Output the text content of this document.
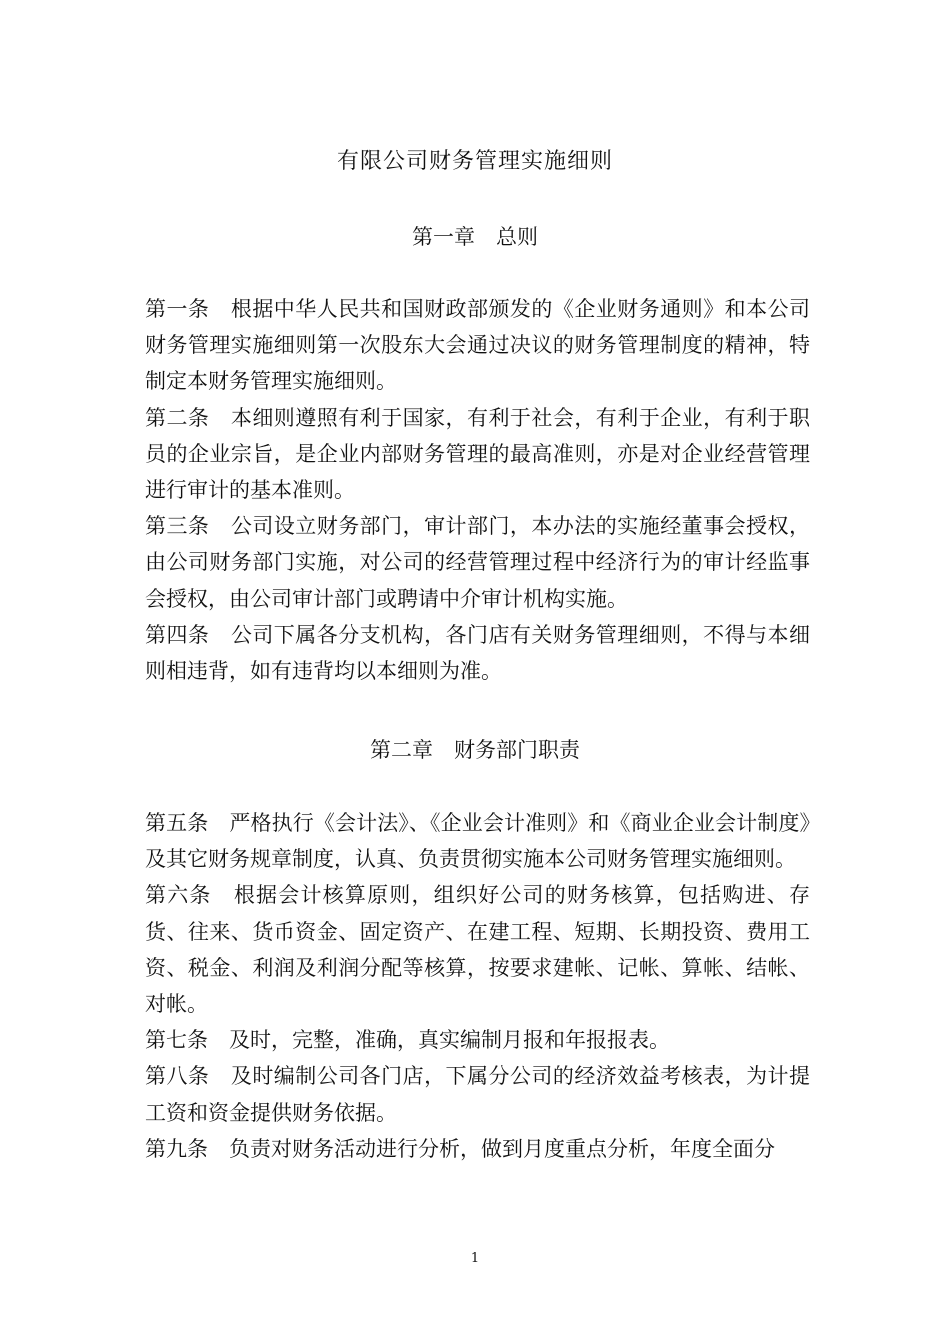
有限公司财务管理实施细则
第一章　总则

第一条　根据中华人民共和国财政部颁发的《企业财务通则》和本公司财务管理实施细则第一次股东大会通过决议的财务管理制度的精神，特制定本财务管理实施细则。

第二条　本细则遵照有利于国家，有利于社会，有利于企业，有利于职员的企业宗旨，是企业内部财务管理的最高准则，亦是对企业经营管理进行审计的基本准则。

第三条　公司设立财务部门，审计部门，本办法的实施经董事会授权，由公司财务部门实施，对公司的经营管理过程中经济行为的审计经监事会授权，由公司审计部门或聘请中介审计机构实施。

第四条　公司下属各分支机构，各门店有关财务管理细则，不得与本细则相违背，如有违背均以本细则为准。

第二章　财务部门职责

第五条　严格执行《会计法》、《企业会计准则》和《商业企业会计制度》及其它财务规章制度，认真、负责贯彻实施本公司财务管理实施细则。

第六条　根据会计核算原则，组织好公司的财务核算，包括购进、存货、往来、货币资金、固定资产、在建工程、短期、长期投资、费用工资、税金、利润及利润分配等核算，按要求建帐、记帐、算帐、结帐、对帐。

第七条　及时，完整，准确，真实编制月报和年报报表。

第八条　及时编制公司各门店，下属分公司的经济效益考核表，为计提工资和资金提供财务依据。

第九条　负责对财务活动进行分析，做到月度重点分析，年度全面分

1
